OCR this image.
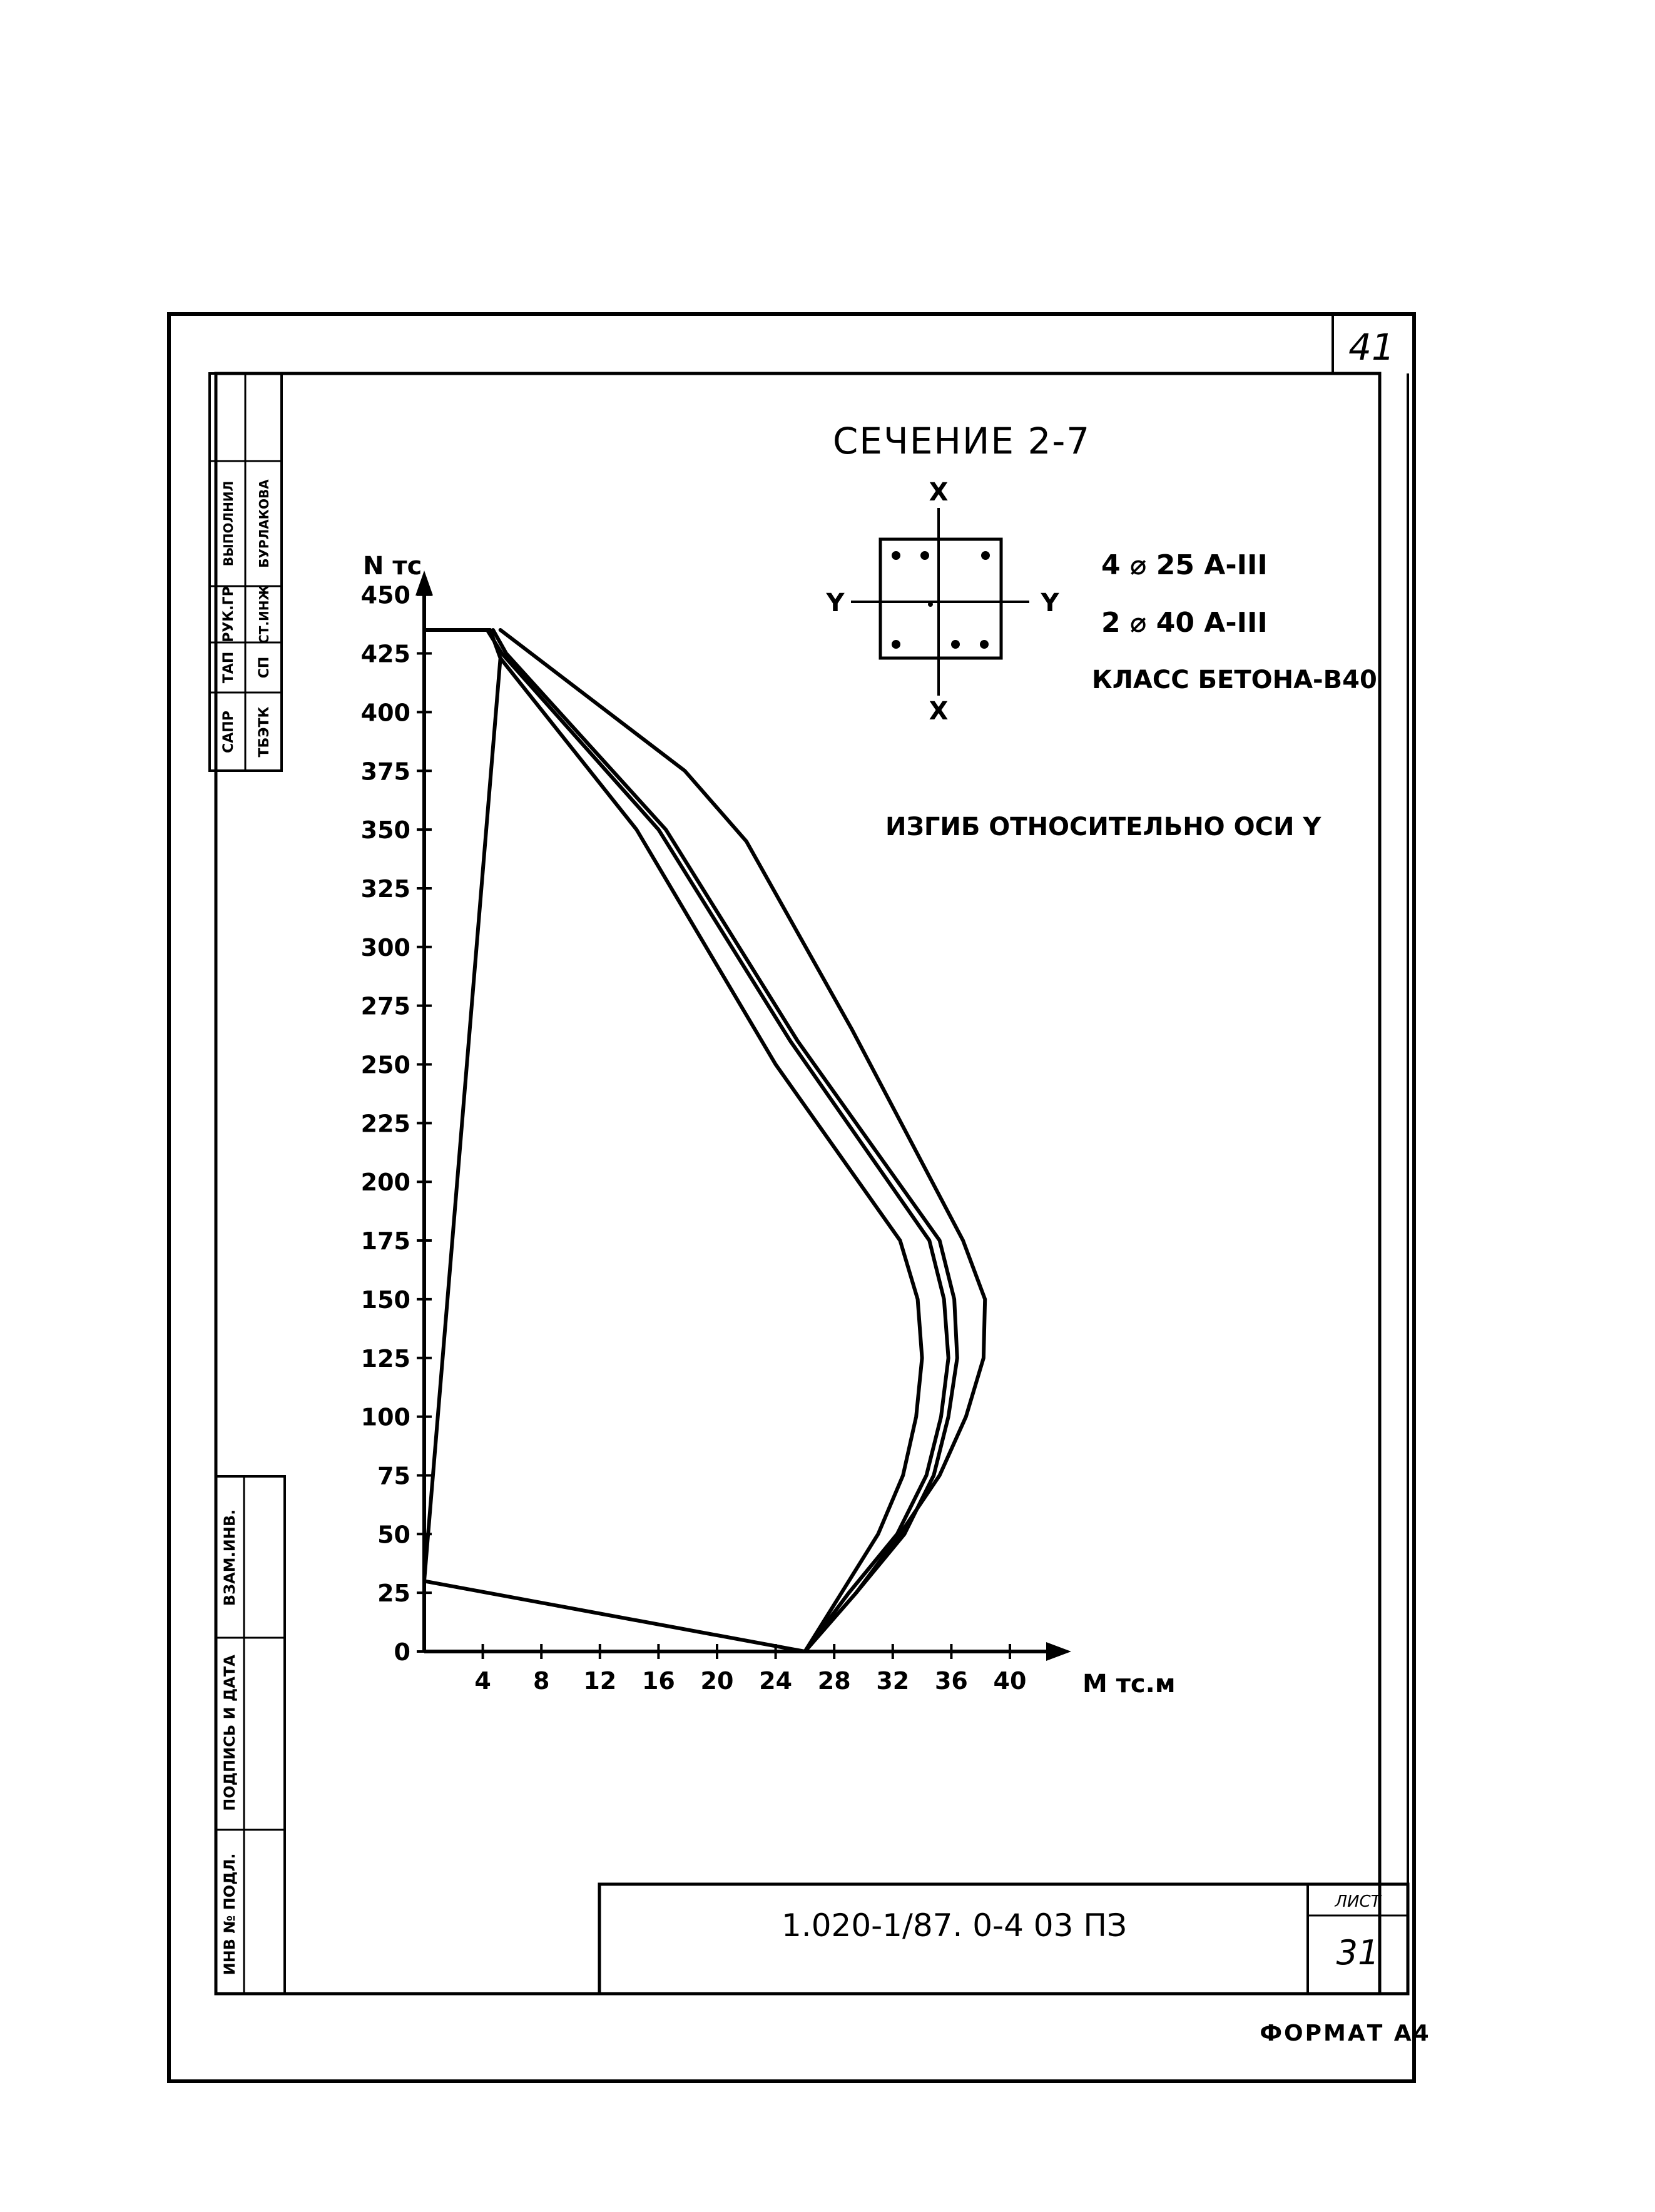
41
САПР
ТАП
РУК.ГР
ВЫПОЛНИЛ
ТБЭТК
СП
СТ.ИНЖ
БУРЛАКОВА
ИНВ № ПОДЛ.
ПОДПИСЬ И ДАТА
ВЗАМ.ИНВ.
1.020-1/87. 0-4 03 ПЗ
ЛИСТ
31
ФОРМАТ А4
СЕЧЕНИЕ 2-7
X
X
Y	Y
4 ⌀ 25 А-III
2 ⌀ 40 А-III
КЛАСС БЕТОНА-В40
ИЗГИБ ОТНОСИТЕЛЬНО ОСИ Y
N тс
М тс.м
0
25
50
75
100
125
150
175
200
225
250
275
300
325
350
375
400
425
450
4 8 12 16 20 24 28 32 36 40
